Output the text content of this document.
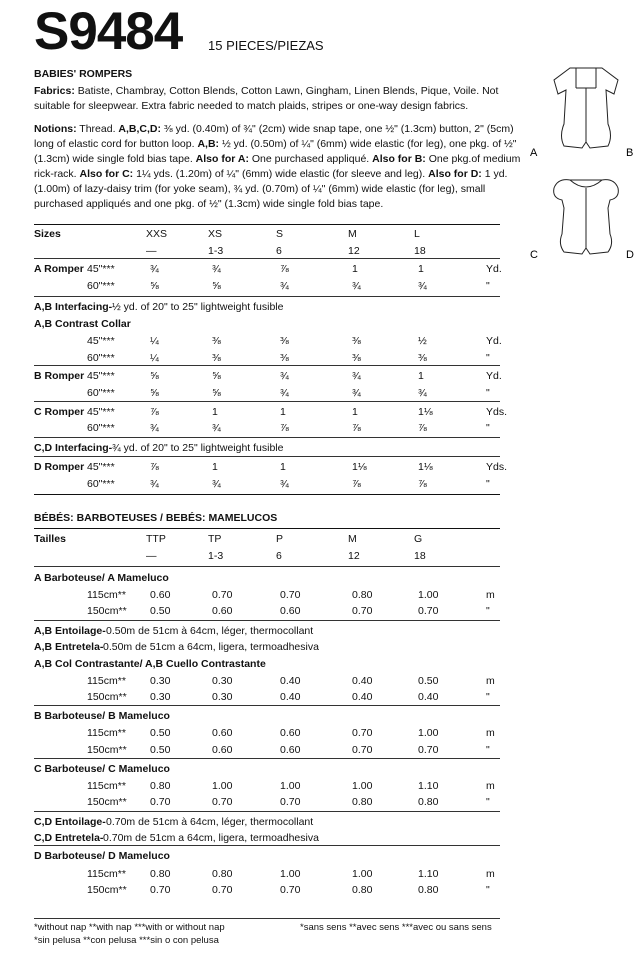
S9484 15 PIECES/PIEZAS
BABIES' ROMPERS
Fabrics: Batiste, Chambray, Cotton Blends, Cotton Lawn, Gingham, Linen Blends, Pique, Voile. Not suitable for sleepwear. Extra fabric needed to match plaids, stripes or one-way design fabrics.
Notions: Thread. A,B,C,D: ⅜ yd. (0.40m) of ¾" (2cm) wide snap tape, one ½" (1.3cm) button, 2" (5cm) long of elastic cord for button loop. A,B: ½ yd. (0.50m) of ¼" (6mm) wide elastic (for leg), one pkg. of ½" (1.3cm) wide single fold bias tape. Also for A: One purchased appliqué. Also for B: One pkg.of medium rick-rack. Also for C: 1¼ yds. (1.20m) of ¼" (6mm) wide elastic (for sleeve and leg). Also for D: 1 yd. (1.00m) of lazy-daisy trim (for yoke seam), ¾ yd. (0.70m) of ¼" (6mm) wide elastic (for leg), small purchased appliqués and one pkg. of ½" (1.3cm) wide single fold bias tape.
A	B
C	D
Sizes	XXS	XS	S	M	L
—	1-3	6	12	18
A Romper 45"***	¾	¾	⅞	1	1	Yd.
60"***	⅝	⅝	¾	¾	¾	"
A,B Interfacing- ½ yd. of 20" to 25" lightweight fusible
A,B Contrast Collar
45"***	¼	⅜	⅜	⅜	½	Yd.
60"***	¼	⅜	⅜	⅜	⅜	"
B Romper 45"***	⅝	⅝	¾	¾	1	Yd.
60"***	⅝	⅝	¾	¾	¾	"
C Romper 45"***	⅞	1	1	1	1⅛	Yds.
60"***	¾	¾	⅞	⅞	⅞	"
C,D Interfacing- ¾ yd. of 20" to 25" lightweight fusible
D Romper 45"***	⅞	1	1	1⅛	1⅛	Yds.
60"***	¾	¾	¾	⅞	⅞	"
BÉBÉS: BARBOTEUSES / BEBÉS: MAMELUCOS
Tailles	TTP	TP	P	M	G
—	1-3	6	12	18
A Barboteuse/ A Mameluco
115cm** 0.60	0.70	0.70	0.80	1.00	m
150cm** 0.50	0.60	0.60	0.70	0.70	"
A,B Entoilage- 0.50m de 51cm à 64cm, léger, thermocollant
A,B Entretela- 0.50m de 51cm a 64cm, ligera, termoadhesiva
A,B Col Contrastante/ A,B Cuello Contrastante
115cm** 0.30	0.30	0.40	0.40	0.50	m
150cm** 0.30	0.30	0.40	0.40	0.40	"
B Barboteuse/ B Mameluco
115cm** 0.50	0.60	0.60	0.70	1.00	m
150cm** 0.50	0.60	0.60	0.70	0.70	"
C Barboteuse/ C Mameluco
115cm** 0.80	1.00	1.00	1.00	1.10	m
150cm** 0.70	0.70	0.70	0.80	0.80	"
C,D Entoilage- 0.70m de 51cm à 64cm, léger, thermocollant
C,D Entretela- 0.70m de 51cm a 64cm, ligera, termoadhesiva
D Barboteuse/ D Mameluco
115cm** 0.80	0.80	1.00	1.00	1.10	m
150cm** 0.70	0.70	0.70	0.80	0.80	"
*without nap **with nap ***with or without nap	*sans sens **avec sens ***avec ou sans sens
*sin pelusa **con pelusa ***sin o con pelusa
